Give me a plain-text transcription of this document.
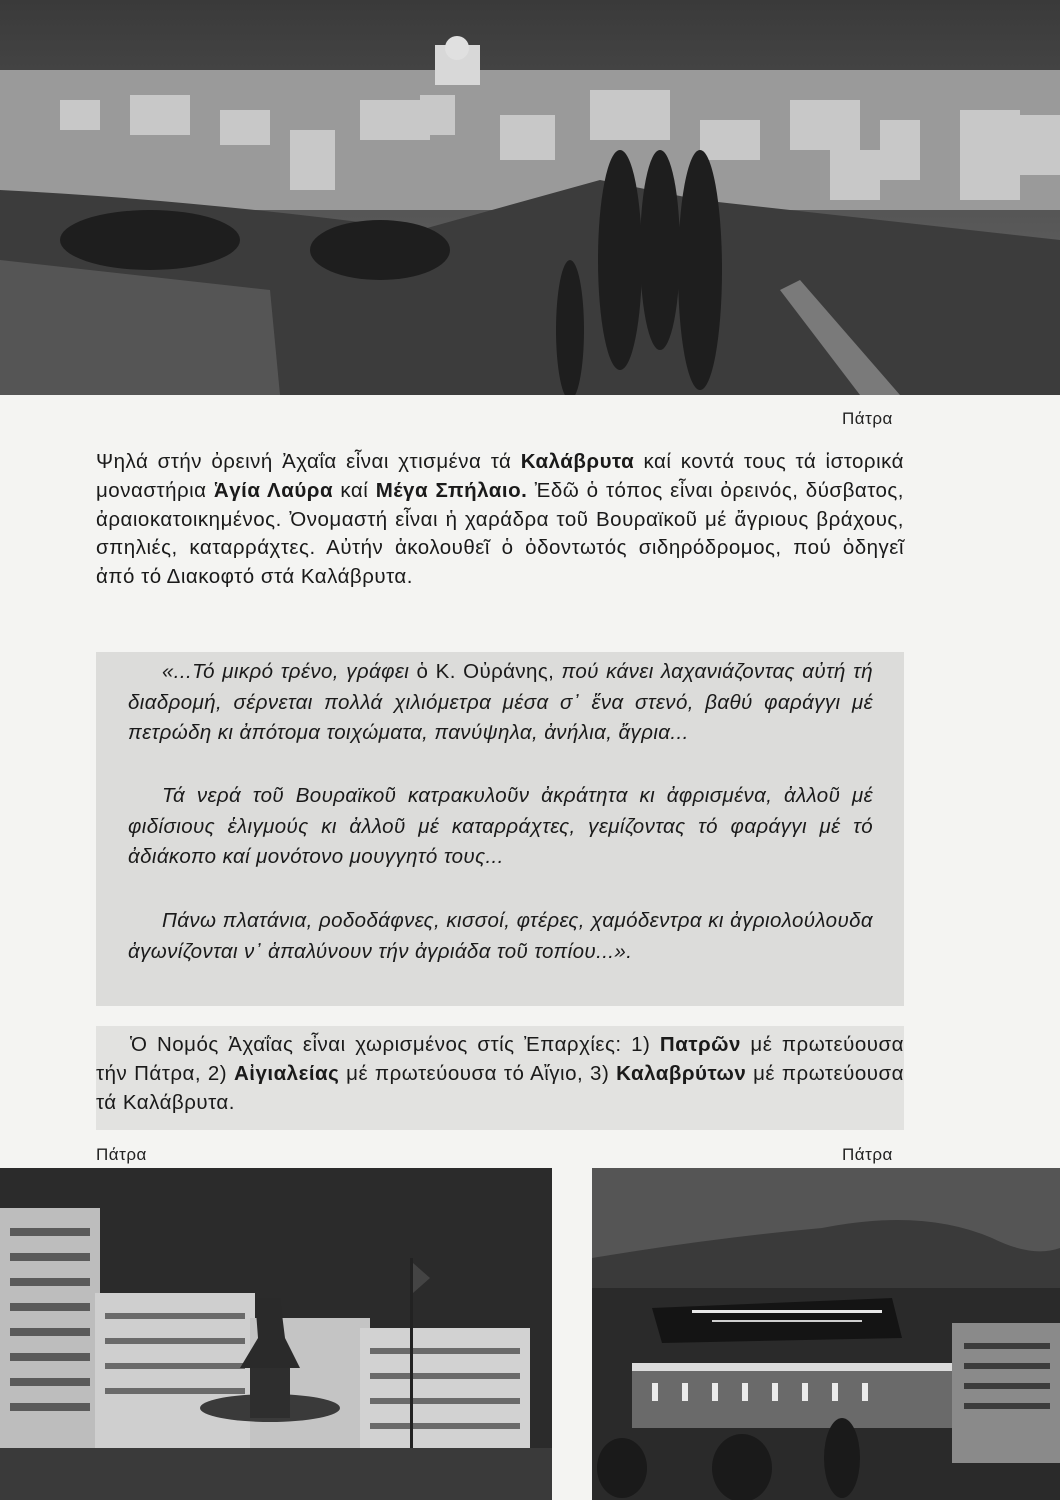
Πάτρα
Ψηλά στήν ὀρεινή Ἀχαΐα εἶναι χτισμένα τά Καλάβρυτα καί κοντά τους τά ἱστορικά μοναστήρια Ἁγία Λαύρα καί Μέγα Σπήλαιο. Ἐδῶ ὁ τόπος εἶναι ὀρεινός, δύσβατος, ἀραιοκατοικημένος. Ὀνομαστή εἶναι ἡ χαράδρα τοῦ Βουραϊκοῦ μέ ἄγριους βράχους, σπηλιές, καταρράχτες. Αὐτήν ἀκολουθεῖ ὁ ὀδοντωτός σιδηρόδρομος, πού ὁδηγεῖ ἀπό τό Διακοφτό στά Καλάβρυτα.
«...Τό μικρό τρένο, γράφει ὁ Κ. Οὐράνης, πού κάνει λαχανιάζοντας αὐτή τή διαδρομή, σέρνεται πολλά χιλιόμετρα μέσα σ᾽ ἕνα στενό, βαθύ φαράγγι μέ πετρώδη κι ἀπότομα τοιχώματα, πανύψηλα, ἀνήλια, ἄγρια...
Τά νερά τοῦ Βουραϊκοῦ κατρακυλοῦν ἀκράτητα κι ἀφρισμένα, ἀλλοῦ μέ φιδίσιους ἑλιγμούς κι ἀλλοῦ μέ καταρράχτες, γεμίζοντας τό φαράγγι μέ τό ἀδιάκοπο καί μονότονο μουγγητό τους...
Πάνω πλατάνια, ροδοδάφνες, κισσοί, φτέρες, χαμόδεντρα κι ἀγριολούλουδα ἀγωνίζονται ν᾽ ἀπαλύνουν τήν ἀγριάδα τοῦ τοπίου...».
Ὁ Νομός Ἀχαΐας εἶναι χωρισμένος στίς Ἐπαρχίες: 1) Πατρῶν μέ πρωτεύουσα τήν Πάτρα, 2) Αἰγιαλείας μέ πρωτεύουσα τό Αἴγιο, 3) Καλαβρύτων μέ πρωτεύουσα τά Καλάβρυτα.
Πάτρα	Πάτρα
